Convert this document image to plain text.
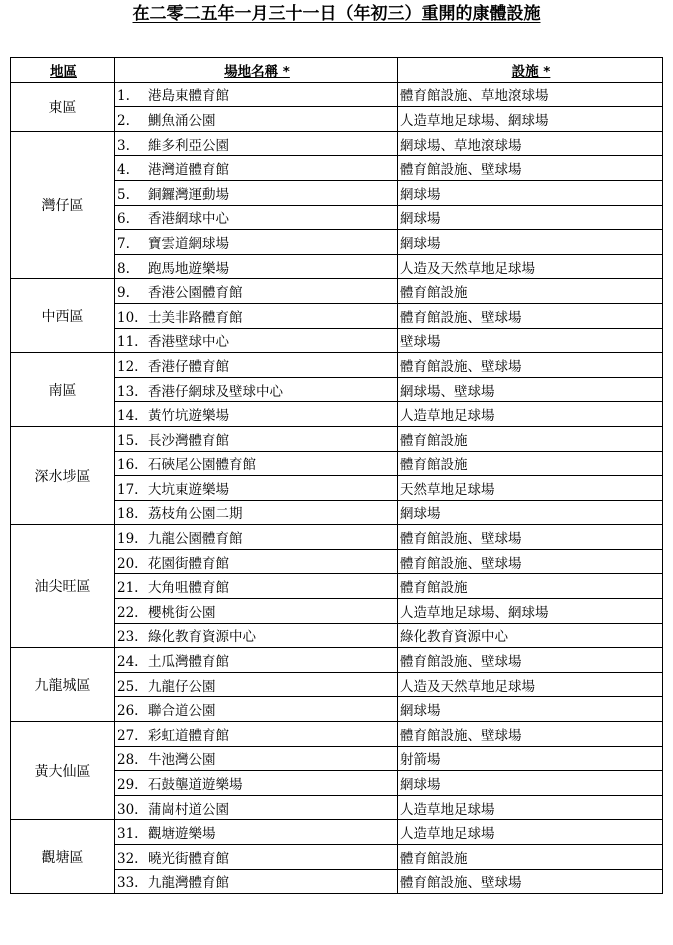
在二零二五年一月三十一日（年初三）重開的康體設施
地區	場地名稱 *	設施 *
東區	1. 港島東體育館	體育館設施、草地滾球場
	2. 鰂魚涌公園	人造草地足球場、網球場
灣仔區	3. 維多利亞公園	網球場、草地滾球場
	4. 港灣道體育館	體育館設施、壁球場
	5. 銅鑼灣運動場	網球場
	6. 香港網球中心	網球場
	7. 寶雲道網球場	網球場
	8. 跑馬地遊樂場	人造及天然草地足球場
中西區	9. 香港公園體育館	體育館設施
	10. 士美非路體育館	體育館設施、壁球場
	11. 香港壁球中心	壁球場
南區	12. 香港仔體育館	體育館設施、壁球場
	13. 香港仔網球及壁球中心	網球場、壁球場
	14. 黃竹坑遊樂場	人造草地足球場
深水埗區	15. 長沙灣體育館	體育館設施
	16. 石硤尾公園體育館	體育館設施
	17. 大坑東遊樂場	天然草地足球場
	18. 荔枝角公園二期	網球場
油尖旺區	19. 九龍公園體育館	體育館設施、壁球場
	20. 花園街體育館	體育館設施、壁球場
	21. 大角咀體育館	體育館設施
	22. 櫻桃街公園	人造草地足球場、網球場
	23. 綠化教育資源中心	綠化教育資源中心
九龍城區	24. 土瓜灣體育館	體育館設施、壁球場
	25. 九龍仔公園	人造及天然草地足球場
	26. 聯合道公園	網球場
黃大仙區	27. 彩虹道體育館	體育館設施、壁球場
	28. 牛池灣公園	射箭場
	29. 石鼓壟道遊樂場	網球場
	30. 蒲崗村道公園	人造草地足球場
觀塘區	31. 觀塘遊樂場	人造草地足球場
	32. 曉光街體育館	體育館設施
	33. 九龍灣體育館	體育館設施、壁球場
